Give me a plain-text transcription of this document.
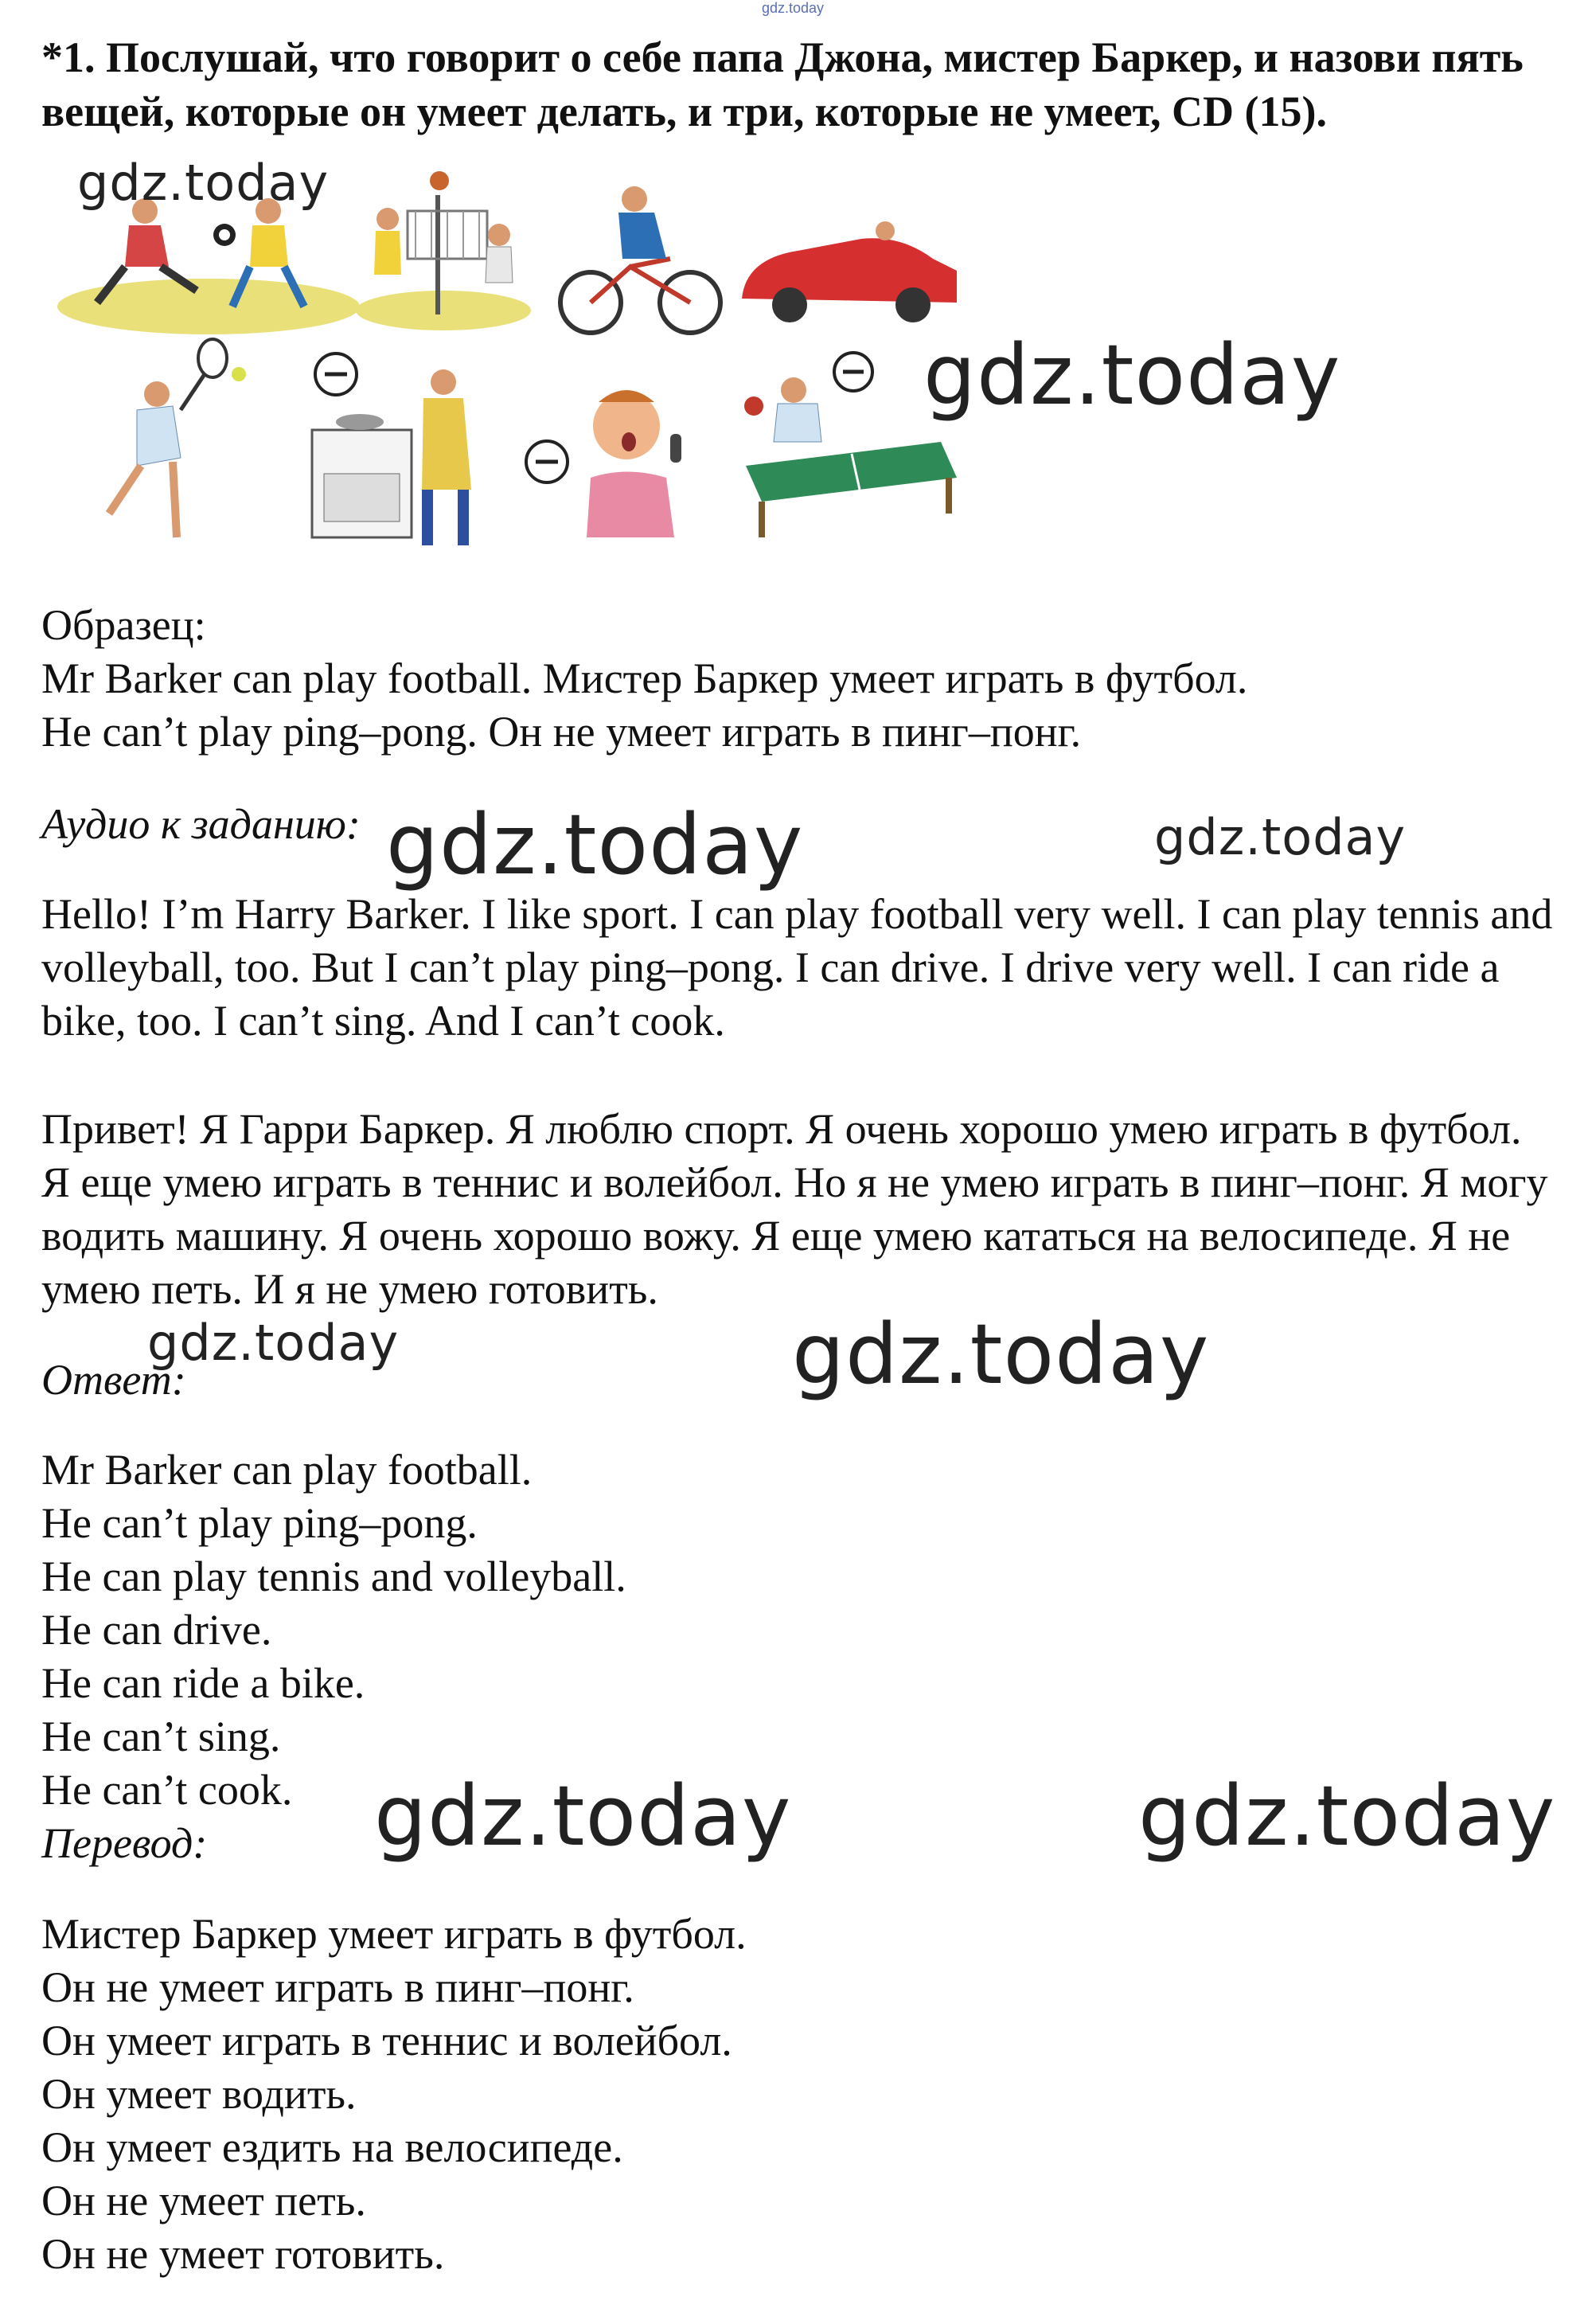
gdz.today
*1. Послушай, что говорит о себе папа Джона, мистер Баркер, и назови пять вещей, которые он умеет делать, и три, которые не умеет, CD (15).
gdz.today
gdz.today
Образец:
Mr Barker can play football. Мистер Баркер умеет играть в футбол.
He can’t play ping–pong. Он не умеет играть в пинг–понг.
Аудио к заданию: gdz.today	gdz.today
Hello! I’m Harry Barker. I like sport. I can play football very well. I can play tennis and volleyball, too. But I can’t play ping–pong. I can drive. I drive very well. I can ride a bike, too. I can’t sing. And I can’t cook.
Привет! Я Гарри Баркер. Я люблю спорт. Я очень хорошо умею играть в футбол. Я еще умею играть в теннис и волейбол. Но я не умею играть в пинг–понг. Я могу водить машину. Я очень хорошо вожу. Я еще умею кататься на велосипеде. Я не умею петь. И я не умею готовить.
gdz.today
Ответ:	gdz.today
Mr Barker can play football.
He can’t play ping–pong.
He can play tennis and volleyball.
He can drive.
He can ride a bike.
He can’t sing.
He can’t cook.
Перевод: gdz.today	gdz.today
Мистер Баркер умеет играть в футбол.
Он не умеет играть в пинг–понг.
Он умеет играть в теннис и волейбол.
Он умеет водить.
Он умеет ездить на велосипеде.
Он не умеет петь.
Он не умеет готовить.
